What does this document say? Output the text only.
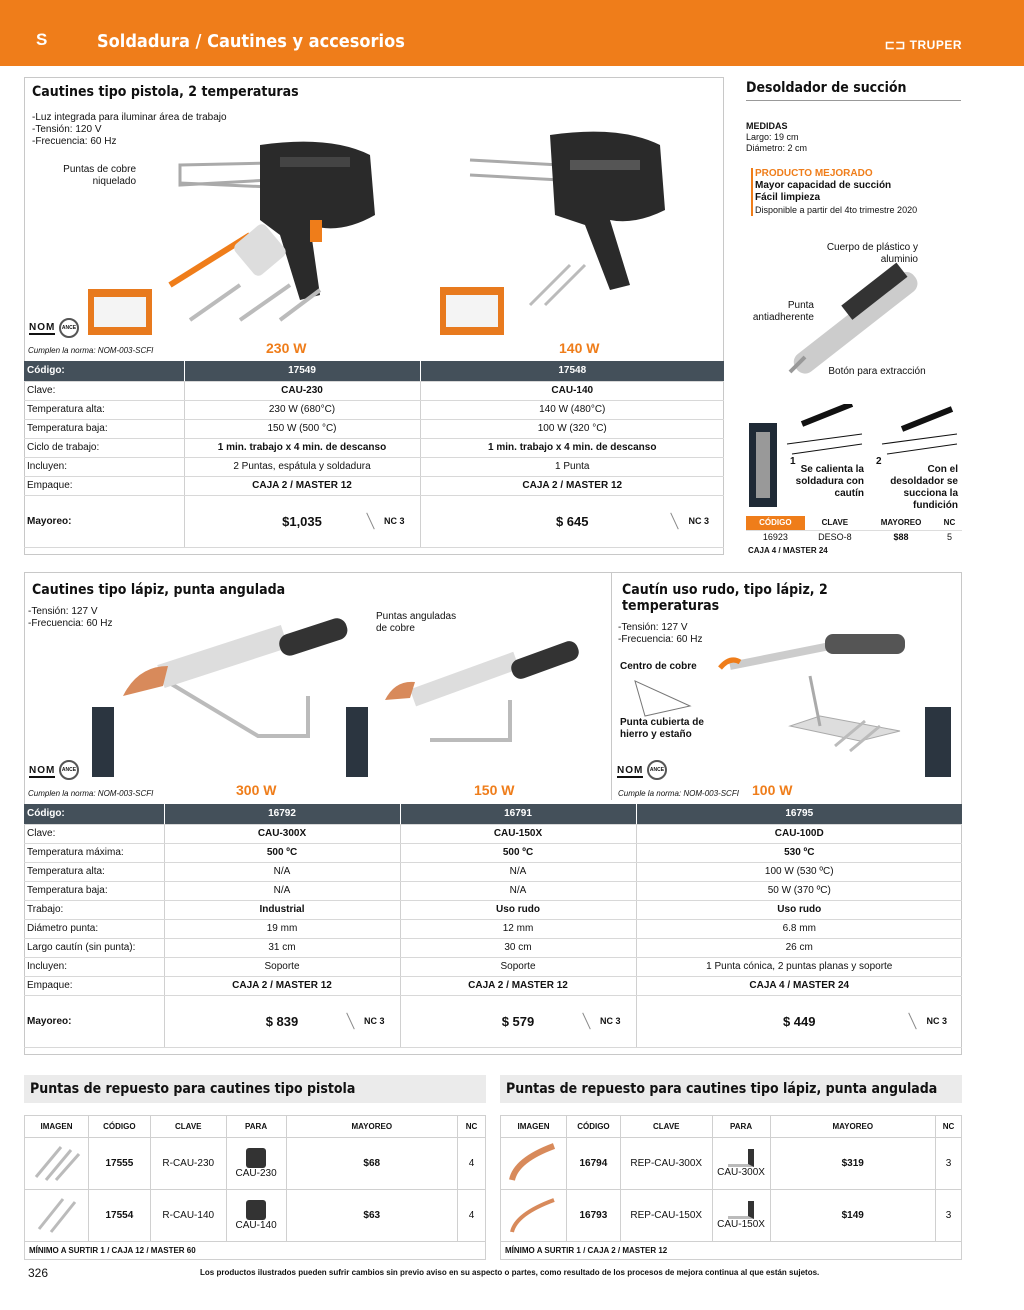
S	Soldadura / Cautines y accesorios	⊏⊐ TRUPER
Cautines tipo pistola, 2 temperaturas
-Luz integrada para iluminar área de trabajo
-Tensión: 120 V
-Frecuencia: 60 Hz
Puntas de cobre niquelado
NOM	ANCE
Cumplen la norma: NOM-003-SCFI	230 W	140 W
Código:	17549	17548
Clave:	CAU-230	CAU-140
Temperatura alta:	230 W (680°C)	140 W (480°C)
Temperatura baja:	150 W (500 °C)	100 W (320 °C)
Ciclo de trabajo:	1 min. trabajo x 4 min. de descanso	1 min. trabajo x 4 min. de descanso
Incluyen:	2 Puntas, espátula y soldadura	1 Punta
Empaque:	CAJA 2 / MASTER 12	CAJA 2 / MASTER 12
Mayoreo:	$1,035 NC 3	$ 645 NC 3
Desoldador de succión
MEDIDAS
Largo: 19 cm
Diámetro: 2 cm
PRODUCTO MEJORADO
Mayor capacidad de succión
Fácil limpieza
Disponible a partir del 4to trimestre 2020
Cuerpo de plástico y aluminio
Punta antiadherente
Botón para extracción
1
Se calienta la soldadura con cautín
2
Con el desoldador se succiona la fundición
CÓDIGO	CLAVE	MAYOREO	NC
16923	DESO-8	$88	5
CAJA 4 / MASTER 24
Cautines tipo lápiz, punta angulada
-Tensión: 127 V
-Frecuencia: 60 Hz
Puntas anguladas de cobre
NOM	ANCE
Cumplen la norma: NOM-003-SCFI	300 W	150 W
Cautín uso rudo, tipo lápiz, 2 temperaturas
-Tensión: 127 V
-Frecuencia: 60 Hz
Centro de cobre
Punta cubierta de hierro y estaño
NOM	ANCE
Cumple la norma: NOM-003-SCFI 100 W
Código:	16792	16791	16795
Clave:	CAU-300X	CAU-150X	CAU-100D
Temperatura máxima:	500 ºC	500 ºC	530 ºC
Temperatura alta:	N/A	N/A	100 W (530 ºC)
Temperatura baja:	N/A	N/A	50 W (370 ºC)
Trabajo:	Industrial	Uso rudo	Uso rudo
Diámetro punta:	19 mm	12 mm	6.8 mm
Largo cautín (sin punta):	31 cm	30 cm	26 cm
Incluyen:	Soporte	Soporte	1 Punta cónica, 2 puntas planas y soporte
Empaque:	CAJA 2 / MASTER 12	CAJA 2 / MASTER 12	CAJA 4 / MASTER 24
Mayoreo:	$ 839 NC 3	$ 579 NC 3	$ 449 NC 3
Puntas de repuesto para cautines tipo pistola
IMAGEN	CÓDIGO	CLAVE	PARA	MAYOREO	NC
	17555	R-CAU-230	CAU-230	$68	4
	17554	R-CAU-140	CAU-140	$63	4
MÍNIMO A SURTIR 1 / CAJA 12 / MASTER 60					
Puntas de repuesto para cautines tipo lápiz, punta angulada
IMAGEN	CÓDIGO	CLAVE	PARA	MAYOREO	NC
	16794	REP-CAU-300X	CAU-300X	$319	3
	16793	REP-CAU-150X	CAU-150X	$149	3
MÍNIMO A SURTIR 1 / CAJA 2 / MASTER 12					
326	Los productos ilustrados pueden sufrir cambios sin previo aviso en su aspecto o partes, como resultado de los procesos de mejora continua al que están sujetos.
